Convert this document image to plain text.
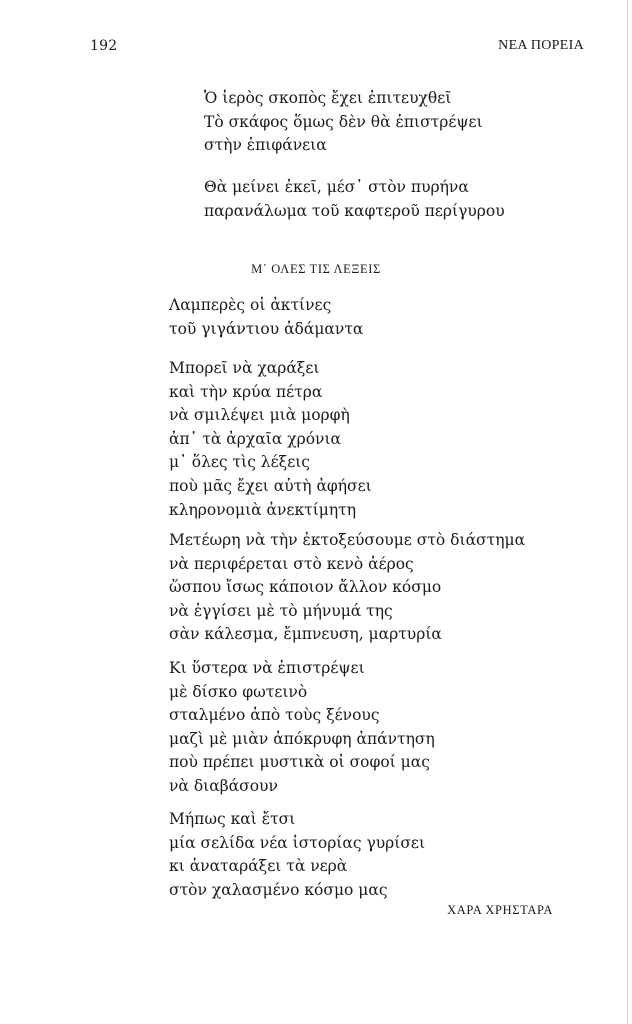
192	ΝΕΑ ΠΟΡΕΙΑ
Ὁ ἱερὸς σκοπὸς ἔχει ἐπιτευχθεῖ
Τὸ σκάφος ὅμως δὲν θὰ ἐπιστρέψει
στὴν ἐπιφάνεια
Θὰ μείνει ἐκεῖ, μέσ᾽ στὸν πυρήνα
παρανάλωμα τοῦ καφτεροῦ περίγυρου
Μ᾽ ΟΛΕΣ ΤΙΣ ΛΕΞΕΙΣ
Λαμπερὲς οἱ ἀκτίνες
τοῦ γιγάντιου ἀδάμαντα
Μπορεῖ νὰ χαράξει
καὶ τὴν κρύα πέτρα
νὰ σμιλέψει μιὰ μορφὴ
ἀπ᾽ τὰ ἀρχαῖα χρόνια
μ᾽ ὅλες τὶς λέξεις
ποὺ μᾶς ἔχει αὐτὴ ἀφήσει
κληρονομιὰ ἀνεκτίμητη
Μετέωρη νὰ τὴν ἐκτοξεύσουμε στὸ διάστημα
νὰ περιφέρεται στὸ κενὸ ἀέρος
ὥσπου ἴσως κάποιον ἄλλον κόσμο
νὰ ἐγγίσει μὲ τὸ μήνυμά της
σὰν κάλεσμα, ἔμπνευση, μαρτυρία
Κι ὕστερα νὰ ἐπιστρέψει
μὲ δίσκο φωτεινὸ
σταλμένο ἀπὸ τοὺς ξένους
μαζὶ μὲ μιὰν ἀπόκρυφη ἀπάντηση
ποὺ πρέπει μυστικὰ οἱ σοφοί μας
νὰ διαβάσουν
Μήπως καὶ ἔτσι
μία σελίδα νέα ἱστορίας γυρίσει
κι ἀναταράξει τὰ νερὰ
στὸν χαλασμένο κόσμο μας
ΧΑΡΑ ΧΡΗΣΤΑΡΑ
